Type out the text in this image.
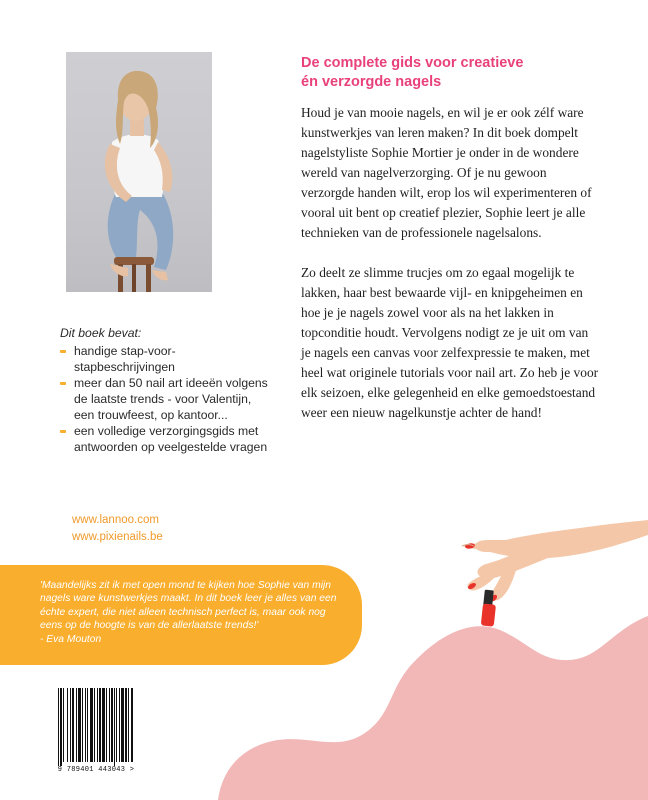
De complete gids voor creatieve
én verzorgde nagels

Houd je van mooie nagels, en wil je er ook zélf ware kunstwerkjes van leren maken? In dit boek dompelt nagelstyliste Sophie Mortier je onder in de wondere wereld van nagelverzorging. Of je nu gewoon verzorgde handen wilt, erop los wil experimenteren of vooral uit bent op creatief plezier, Sophie leert je alle technieken van de professionele nagelsalons.

Zo deelt ze slimme trucjes om zo egaal mogelijk te lakken, haar best bewaarde vijl- en knipgeheimen en hoe je je nagels zowel voor als na het lakken in topconditie houdt. Vervolgens nodigt ze je uit om van je nagels een canvas voor zelfexpressie te maken, met heel wat originele tutorials voor nail art. Zo heb je voor elk seizoen, elke gelegenheid en elke gemoedstoestand weer een nieuw nagelkunstje achter de hand!

Dit boek bevat:
handige stap-voor-stapbeschrijvingen
meer dan 50 nail art ideeën volgens de laatste trends - voor Valentijn, een trouwfeest, op kantoor...
een volledige verzorgingsgids met antwoorden op veelgestelde vragen
www.lannoo.com
www.pixienails.be
'Maandelijks zit ik met open mond te kijken hoe Sophie van mijn nagels ware kunstwerkjes maakt. In dit boek leer je alles van een échte expert, die niet alleen technisch perfect is, maar ook nog eens op de hoogte is van de allerlaatste trends!'
- Eva Mouton
9 789401 443043 >
